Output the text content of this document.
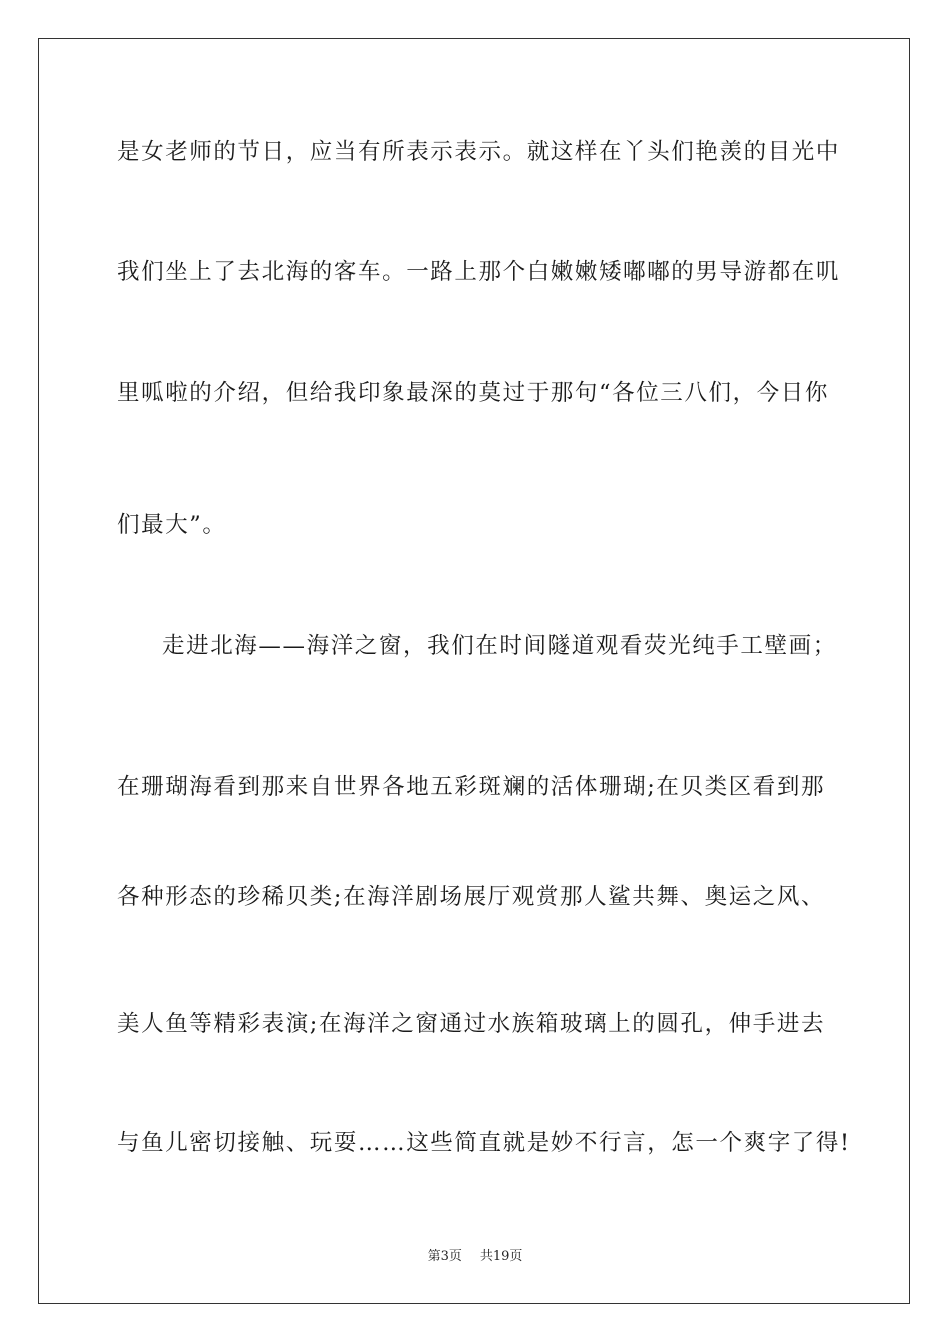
是女老师的节日，应当有所表示表示。就这样在丫头们艳羡的目光中
我们坐上了去北海的客车。一路上那个白嫩嫩矮嘟嘟的男导游都在叽
里呱啦的介绍，但给我印象最深的莫过于那句“各位三八们，今日你
们最大”。
走进北海——海洋之窗，我们在时间隧道观看荧光纯手工壁画；
在珊瑚海看到那来自世界各地五彩斑斓的活体珊瑚;在贝类区看到那
各种形态的珍稀贝类;在海洋剧场展厅观赏那人鲨共舞、奥运之风、
美人鱼等精彩表演;在海洋之窗通过水族箱玻璃上的圆孔，伸手进去
与鱼儿密切接触、玩耍……这些简直就是妙不行言，怎一个爽字了得!
第3页 共19页
